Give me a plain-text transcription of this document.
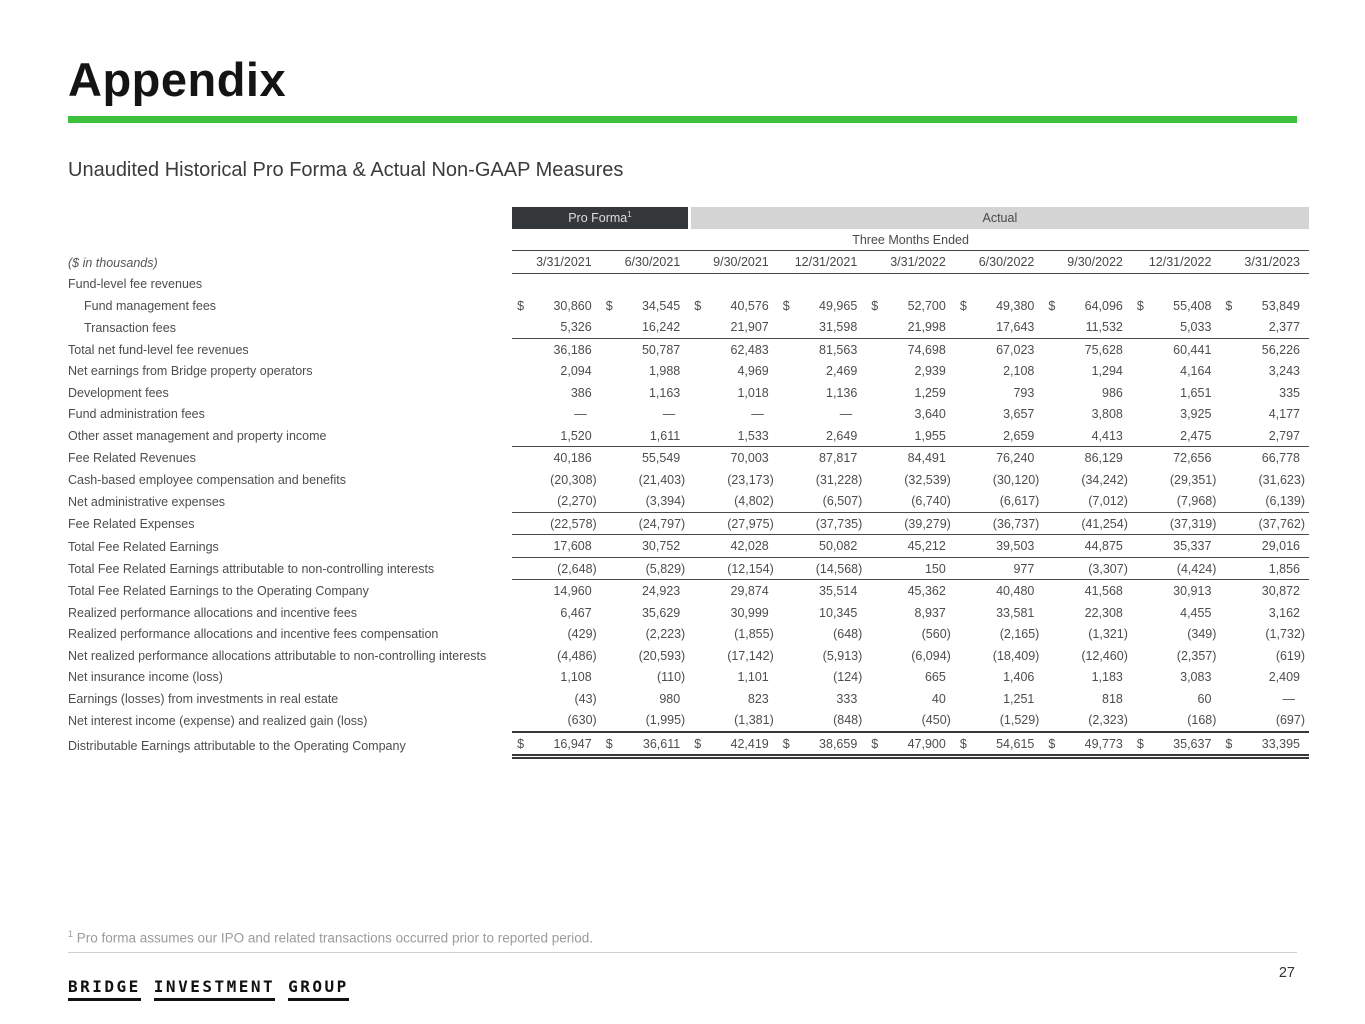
Appendix
Unaudited Historical Pro Forma & Actual Non-GAAP Measures
	Pro Forma$^1$		Actual						
	Three Months Ended								
($ in thousands)	3/31/2021	6/30/2021	9/30/2021	12/31/2021	3/31/2022	6/30/2022	9/30/2022	12/31/2022	3/31/2023
Fund-level fee revenues									
Fund management fees	$ 30,860	$ 34,545	$ 40,576	$ 49,965	$ 52,700	$ 49,380	$ 64,096	$ 55,408	$ 53,849

Transaction fees	5,326	16,242	21,907	31,598	21,998	17,643	11,532	5,033	2,377
Total net fund-level fee revenues	36,186	50,787	62,483	81,563	74,698	67,023	75,628	60,441	56,226
Net earnings from Bridge property operators	2,094	1,988	4,969	2,469	2,939	2,108	1,294	4,164	3,243
Development fees	386	1,163	1,018	1,136	1,259	793	986	1,651	335
Fund administration fees	—	—	—	—	3,640	3,657	3,808	3,925	4,177
Other asset management and property income	1,520	1,611	1,533	2,649	1,955	2,659	4,413	2,475	2,797
Fee Related Revenues	40,186	55,549	70,003	87,817	84,491	76,240	86,129	72,656	66,778
Cash-based employee compensation and benefits	(20,308)	(21,403)	(23,173)	(31,228)	(32,539)	(30,120)	(34,242)	(29,351)	(31,623)
Net administrative expenses	(2,270)	(3,394)	(4,802)	(6,507)	(6,740)	(6,617)	(7,012)	(7,968)	(6,139)
Fee Related Expenses	(22,578)	(24,797)	(27,975)	(37,735)	(39,279)	(36,737)	(41,254)	(37,319)	(37,762)
Total Fee Related Earnings	17,608	30,752	42,028	50,082	45,212	39,503	44,875	35,337	29,016
Total Fee Related Earnings attributable to non-controlling interests	(2,648)	(5,829)	(12,154)	(14,568)	150	977	(3,307)	(4,424)	1,856
Total Fee Related Earnings to the Operating Company	14,960	24,923	29,874	35,514	45,362	40,480	41,568	30,913	30,872
Realized performance allocations and incentive fees	6,467	35,629	30,999	10,345	8,937	33,581	22,308	4,455	3,162
Realized performance allocations and incentive fees compensation	(429)	(2,223)	(1,855)	(648)	(560)	(2,165)	(1,321)	(349)	(1,732)
Net realized performance allocations attributable to non-controlling interests	(4,486)	(20,593)	(17,142)	(5,913)	(6,094)	(18,409)	(12,460)	(2,357)	(619)
Net insurance income (loss)	1,108	(110)	1,101	(124)	665	1,406	1,183	3,083	2,409
Earnings (losses) from investments in real estate	(43)	980	823	333	40	1,251	818	60	—
Net interest income (expense) and realized gain (loss)	(630)	(1,995)	(1,381)	(848)	(450)	(1,529)	(2,323)	(168)	(697)
Distributable Earnings attributable to the Operating Company	$ 16,947	$ 36,611	$ 42,419	$ 38,659	$ 47,900	$ 54,615	$ 49,773	$ 35,637	$ 33,395
$^1$ Pro forma assumes our IPO and related transactions occurred prior to reported period.
BRIDGE INVESTMENT GROUP
27
